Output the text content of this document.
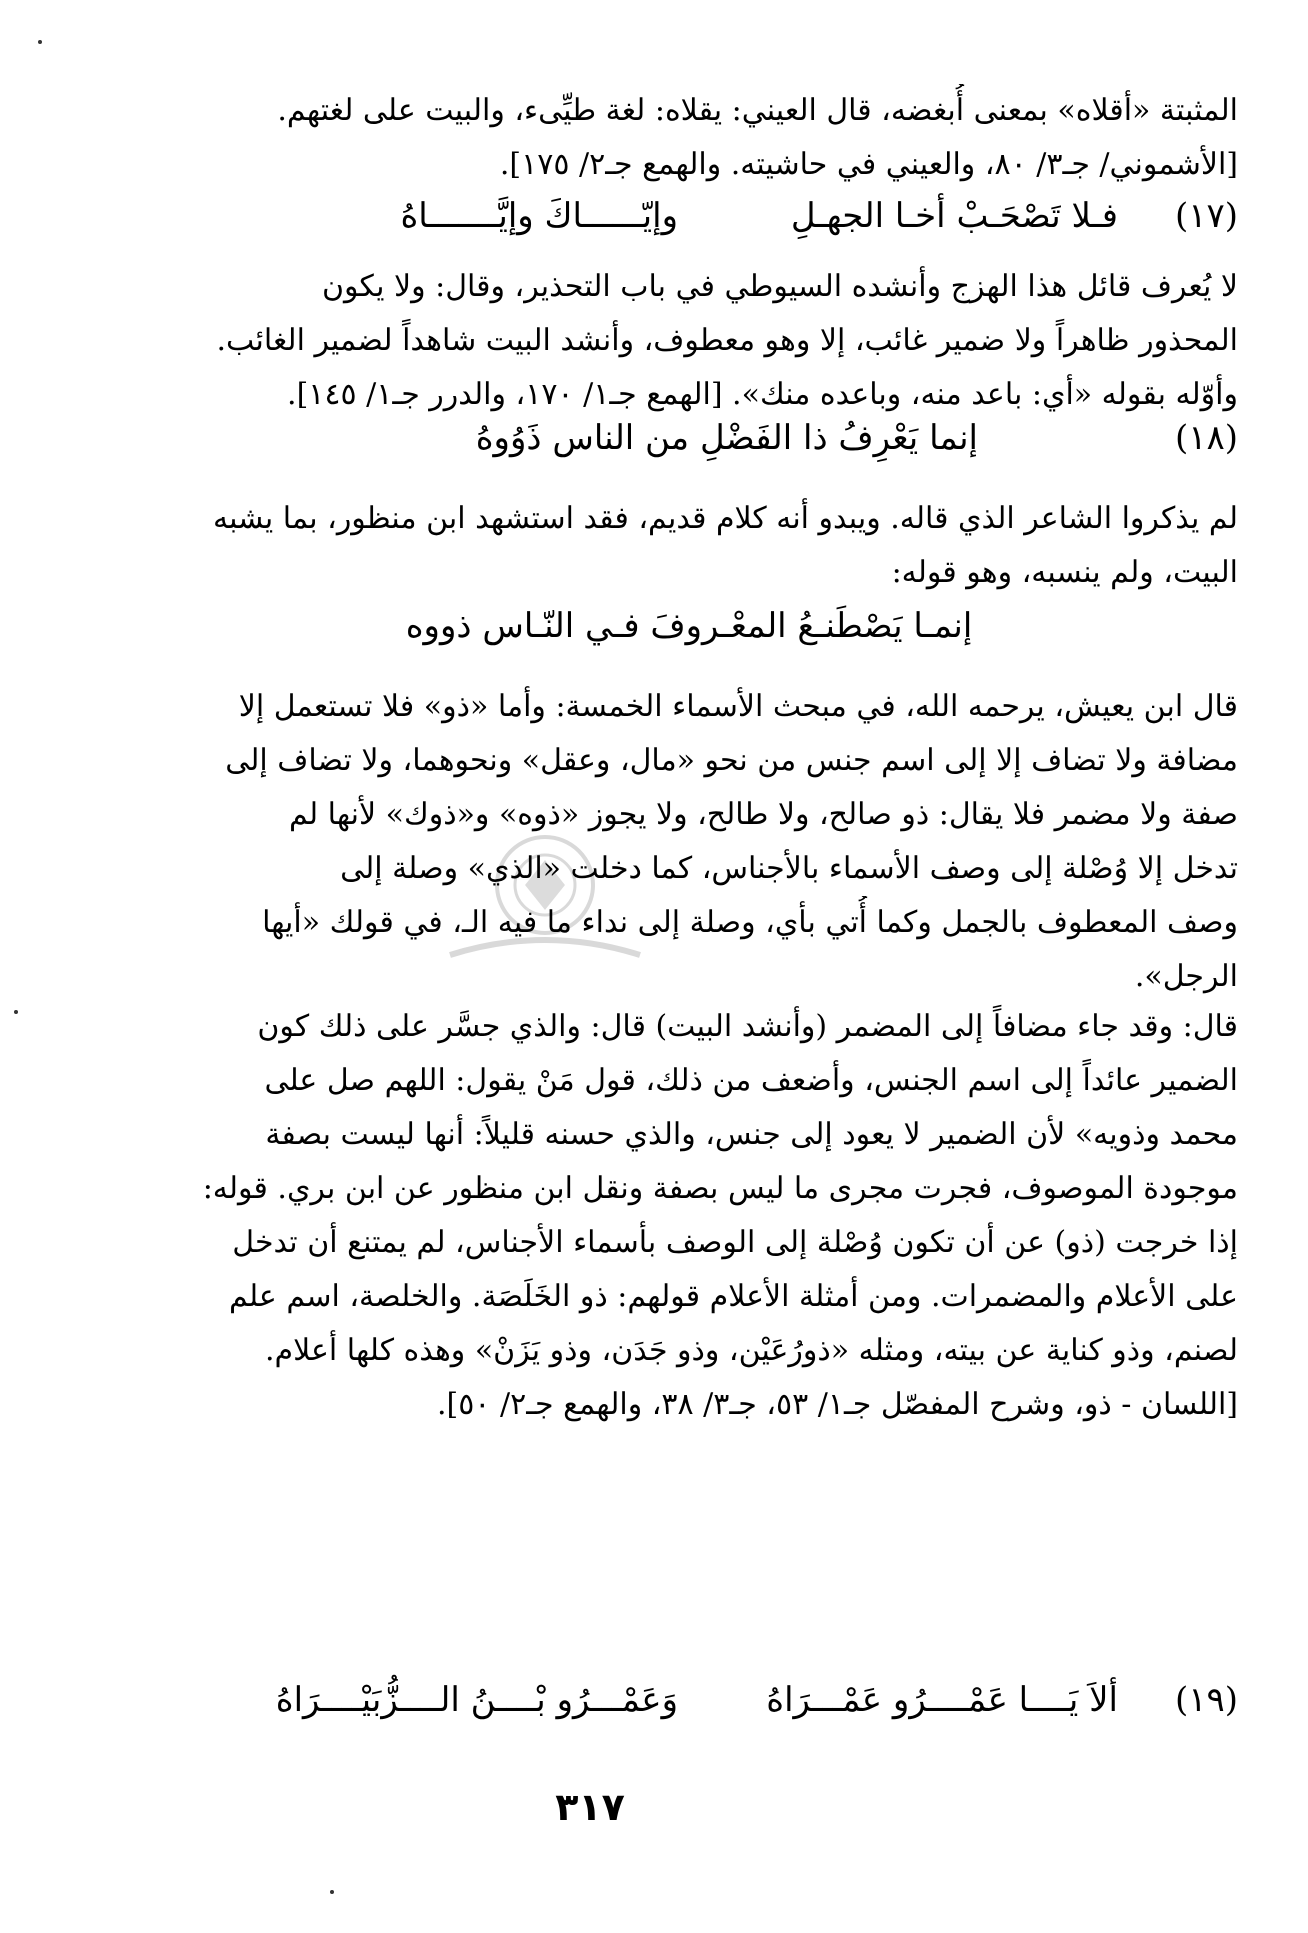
المثبتة «أقلاه» بمعنى أُبغضه، قال العيني: يقلاه: لغة طيِّىء، والبيت على لغتهم.
[الأشموني/ جـ٣/ ٨٠، والعيني في حاشيته. والهمع جـ٢/ ١٧٥].
(١٧)
فـلا تَصْحَـبْ أخـا الجهـلِ
وإيّــــــاكَ وإيَّـــــــاهُ
لا يُعرف قائل هذا الهزج وأنشده السيوطي في باب التحذير، وقال: ولا يكون
المحذور ظاهراً ولا ضمير غائب، إلا وهو معطوف، وأنشد البيت شاهداً لضمير الغائب.
وأوّله بقوله «أي: باعد منه، وباعده منك». [الهمع جـ١/ ١٧٠، والدرر جـ١/ ١٤٥].
(١٨)
إنما يَعْرِفُ ذا الفَضْلِ من الناس ذَوُوهُ
لم يذكروا الشاعر الذي قاله. ويبدو أنه كلام قديم، فقد استشهد ابن منظور، بما يشبه
البيت، ولم ينسبه، وهو قوله:
إنمـا يَصْطَنـعُ المعْـروفَ فـي النّـاس ذووه
قال ابن يعيش، يرحمه الله، في مبحث الأسماء الخمسة: وأما «ذو» فلا تستعمل إلا
مضافة ولا تضاف إلا إلى اسم جنس من نحو «مال، وعقل» ونحوهما، ولا تضاف إلى
صفة ولا مضمر فلا يقال: ذو صالح، ولا طالح، ولا يجوز «ذوه» و«ذوك» لأنها لم
تدخل إلا وُصْلة إلى وصف الأسماء بالأجناس، كما دخلت «الذي» وصلة إلى
وصف المعطوف بالجمل وكما أُتي بأي، وصلة إلى نداء ما فيه الـ، في قولك «أيها
الرجل».
قال: وقد جاء مضافاً إلى المضمر (وأنشد البيت) قال: والذي جسَّر على ذلك كون
الضمير عائداً إلى اسم الجنس، وأضعف من ذلك، قول مَنْ يقول: اللهم صل على
محمد وذويه» لأن الضمير لا يعود إلى جنس، والذي حسنه قليلاً: أنها ليست بصفة
موجودة الموصوف، فجرت مجرى ما ليس بصفة ونقل ابن منظور عن ابن بري. قوله:
إذا خرجت (ذو) عن أن تكون وُصْلة إلى الوصف بأسماء الأجناس، لم يمتنع أن تدخل
على الأعلام والمضمرات. ومن أمثلة الأعلام قولهم: ذو الخَلَصَة. والخلصة، اسم علم
لصنم، وذو كناية عن بيته، ومثله «ذورُعَيْن، وذو جَدَن، وذو يَزَنْ» وهذه كلها أعلام.
[اللسان - ذو، وشرح المفصّل جـ١/ ٥٣، جـ٣/ ٣٨، والهمع جـ٢/ ٥٠].
(١٩)
ألاَ يَــــا عَمْــــرُو عَمْـــرَاهُ
وَعَمْـــرُو بْــــنُ الــــزُّبَيْــــرَاهُ
٣١٧
